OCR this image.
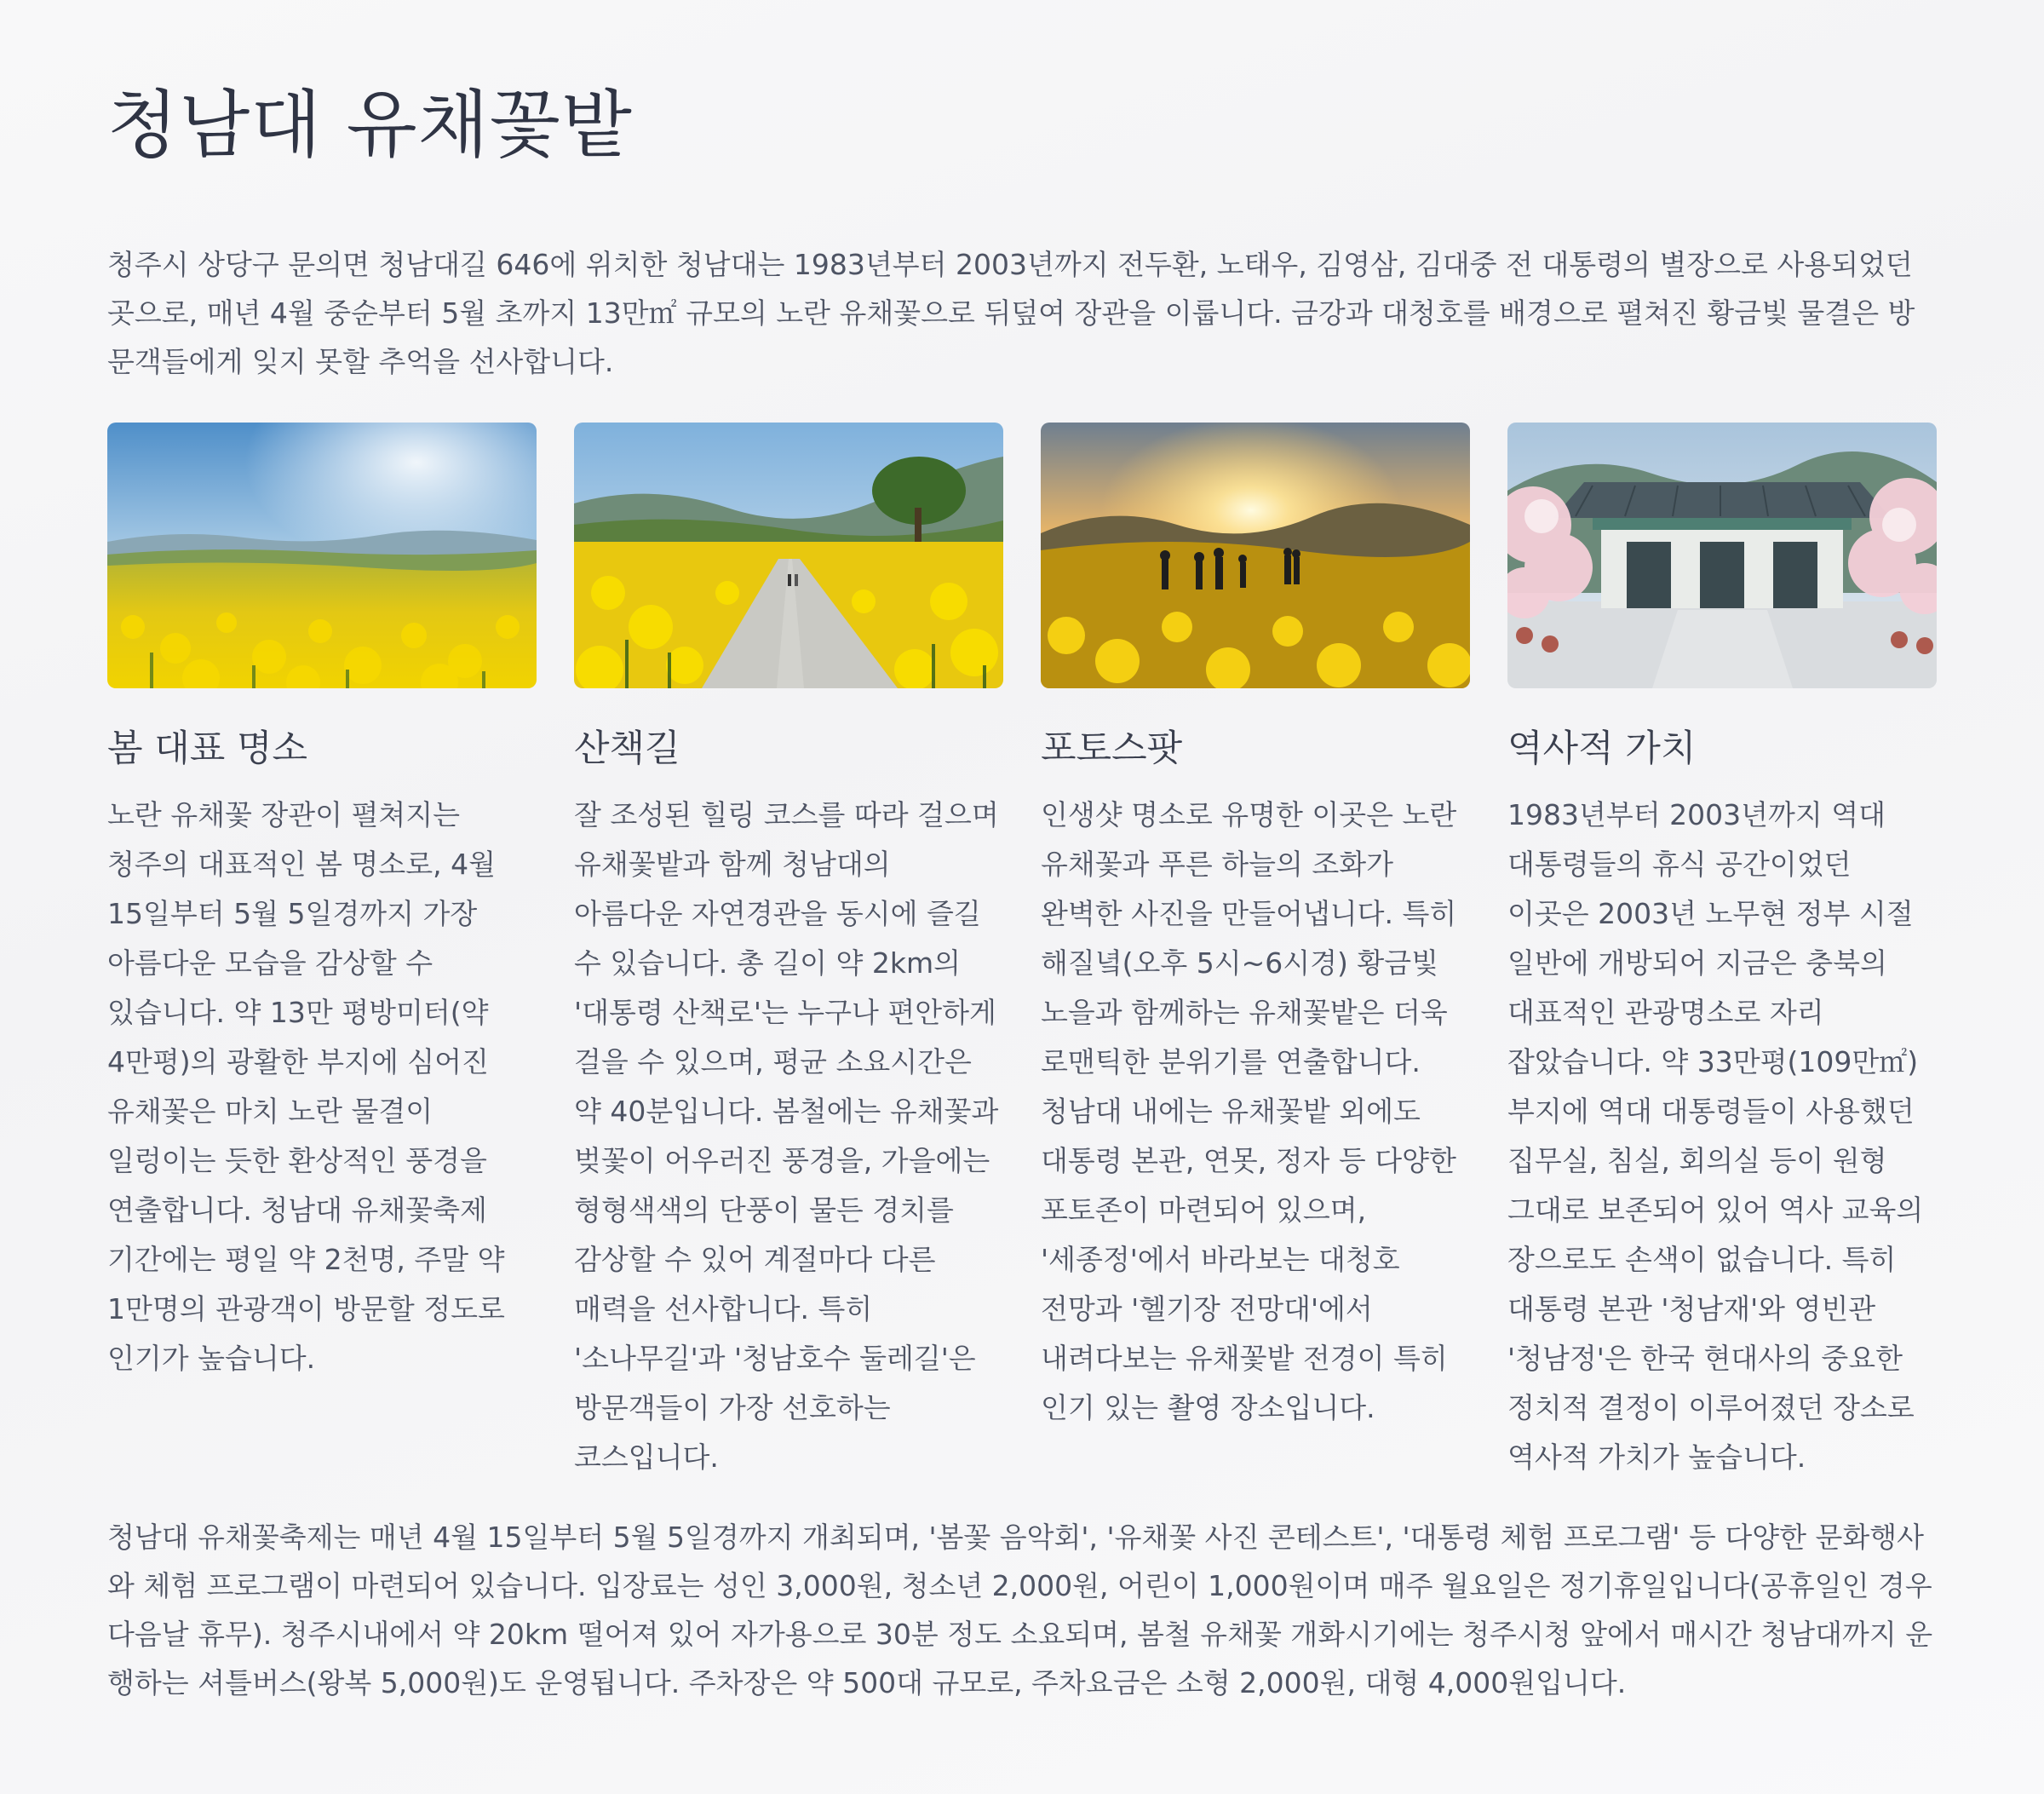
청남대 유채꽃밭

청주시 상당구 문의면 청남대길 646에 위치한 청남대는 1983년부터 2003년까지 전두환, 노태우, 김영삼, 김대중 전 대통령의 별장으로 사용되었던 곳으로, 매년 4월 중순부터 5월 초까지 13만㎡ 규모의 노란 유채꽃으로 뒤덮여 장관을 이룹니다. 금강과 대청호를 배경으로 펼쳐진 황금빛 물결은 방문객들에게 잊지 못할 추억을 선사합니다.

봄 대표 명소

노란 유채꽃 장관이 펼쳐지는 청주의 대표적인 봄 명소로, 4월 15일부터 5월 5일경까지 가장 아름다운 모습을 감상할 수 있습니다. 약 13만 평방미터(약 4만평)의 광활한 부지에 심어진 유채꽃은 마치 노란 물결이 일렁이는 듯한 환상적인 풍경을 연출합니다. 청남대 유채꽃축제 기간에는 평일 약 2천명, 주말 약 1만명의 관광객이 방문할 정도로 인기가 높습니다.

산책길

잘 조성된 힐링 코스를 따라 걸으며 유채꽃밭과 함께 청남대의 아름다운 자연경관을 동시에 즐길 수 있습니다. 총 길이 약 2km의 '대통령 산책로'는 누구나 편안하게 걸을 수 있으며, 평균 소요시간은 약 40분입니다. 봄철에는 유채꽃과 벚꽃이 어우러진 풍경을, 가을에는 형형색색의 단풍이 물든 경치를 감상할 수 있어 계절마다 다른 매력을 선사합니다. 특히 '소나무길'과 '청남호수 둘레길'은 방문객들이 가장 선호하는 코스입니다.

포토스팟

인생샷 명소로 유명한 이곳은 노란 유채꽃과 푸른 하늘의 조화가 완벽한 사진을 만들어냅니다. 특히 해질녘(오후 5시~6시경) 황금빛 노을과 함께하는 유채꽃밭은 더욱 로맨틱한 분위기를 연출합니다. 청남대 내에는 유채꽃밭 외에도 대통령 본관, 연못, 정자 등 다양한 포토존이 마련되어 있으며, '세종정'에서 바라보는 대청호 전망과 '헬기장 전망대'에서 내려다보는 유채꽃밭 전경이 특히 인기 있는 촬영 장소입니다.

역사적 가치

1983년부터 2003년까지 역대 대통령들의 휴식 공간이었던 이곳은 2003년 노무현 정부 시절 일반에 개방되어 지금은 충북의 대표적인 관광명소로 자리 잡았습니다. 약 33만평(109만㎡) 부지에 역대 대통령들이 사용했던 집무실, 침실, 회의실 등이 원형 그대로 보존되어 있어 역사 교육의 장으로도 손색이 없습니다. 특히 대통령 본관 '청남재'와 영빈관 '청남정'은 한국 현대사의 중요한 정치적 결정이 이루어졌던 장소로 역사적 가치가 높습니다.

청남대 유채꽃축제는 매년 4월 15일부터 5월 5일경까지 개최되며, '봄꽃 음악회', '유채꽃 사진 콘테스트', '대통령 체험 프로그램' 등 다양한 문화행사와 체험 프로그램이 마련되어 있습니다. 입장료는 성인 3,000원, 청소년 2,000원, 어린이 1,000원이며 매주 월요일은 정기휴일입니다(공휴일인 경우 다음날 휴무). 청주시내에서 약 20km 떨어져 있어 자가용으로 30분 정도 소요되며, 봄철 유채꽃 개화시기에는 청주시청 앞에서 매시간 청남대까지 운행하는 셔틀버스(왕복 5,000원)도 운영됩니다. 주차장은 약 500대 규모로, 주차요금은 소형 2,000원, 대형 4,000원입니다.
